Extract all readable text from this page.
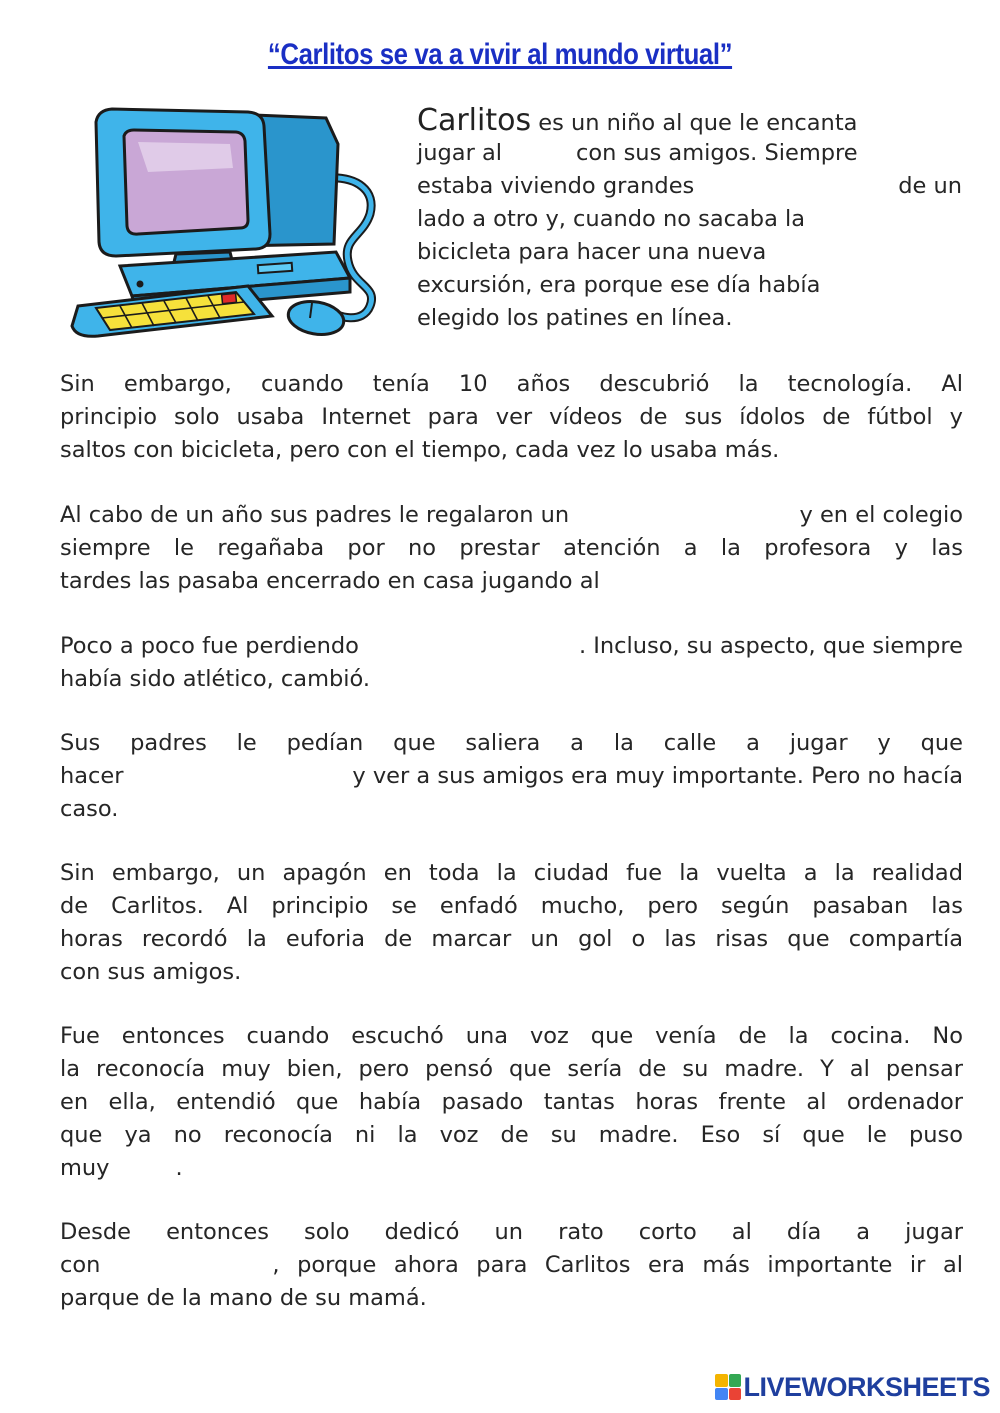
“Carlitos se va a vivir al mundo virtual”
Carlitos es un niño al que le encanta
jugar al	con sus amigos. Siempre
estaba viviendo grandes	de un
lado a otro y, cuando no sacaba la
bicicleta para hacer una nueva
excursión, era porque ese día había
elegido los patines en línea.
Sin embargo, cuando tenía 10 años descubrió la tecnología. Al
principio solo usaba Internet para ver vídeos de sus ídolos de fútbol y
saltos con bicicleta, pero con el tiempo, cada vez lo usaba más.
Al cabo de un año sus padres le regalaron un	y en el colegio
siempre le regañaba por no prestar atención a la profesora y las
tardes las pasaba encerrado en casa jugando al
Poco a poco fue perdiendo	. Incluso, su aspecto, que siempre
había sido atlético, cambió.
Sus padres le pedían que saliera a la calle a jugar y que
hacer	y ver a sus amigos era muy importante. Pero no hacía
caso.
Sin embargo, un apagón en toda la ciudad fue la vuelta a la realidad
de Carlitos. Al principio se enfadó mucho, pero según pasaban las
horas recordó la euforia de marcar un gol o las risas que compartía
con sus amigos.
Fue entonces cuando escuchó una voz que venía de la cocina. No
la reconocía muy bien, pero pensó que sería de su madre. Y al pensar
en ella, entendió que había pasado tantas horas frente al ordenador
que ya no reconocía ni la voz de su madre. Eso sí que le puso
muy	.
Desde entonces solo dedicó un rato corto al día a jugar
con	, porque ahora para Carlitos era más importante ir al
parque de la mano de su mamá.
LIVEWORKSHEETS
